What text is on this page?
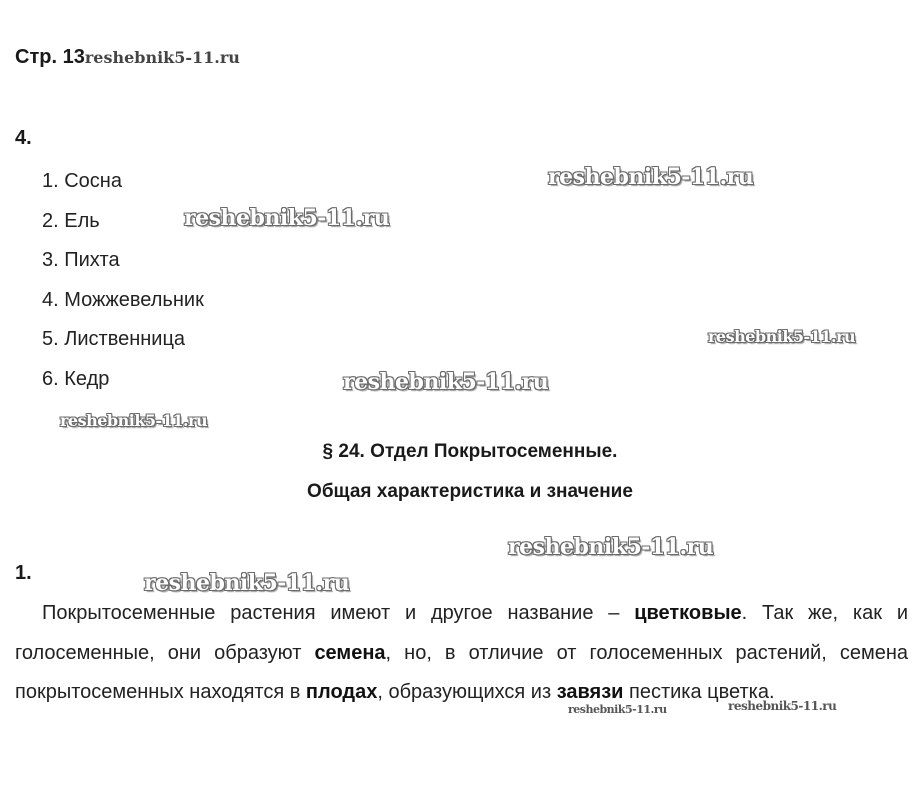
Стр. 13reshebnik5-11.ru
4.
1. Сосна
2. Ель
3. Пихта
4. Можжевельник
5. Лиственница
6. Кедр
§ 24. Отдел Покрытосеменные.
Общая характеристика и значение
1.

Покрытосеменные растения имеют и другое название – цветковые. Так же, как и голосеменные, они образуют семена, но, в отличие от голосеменных растений, семена покрытосеменных находятся в плодах, образующихся из завязи пестика цветка.

reshebnik5-11.ru
reshebnik5-11.ru
reshebnik5-11.ru
reshebnik5-11.ru
reshebnik5-11.ru
reshebnik5-11.ru
reshebnik5-11.ru
reshebnik5-11.ru	reshebnik5-11.ru
